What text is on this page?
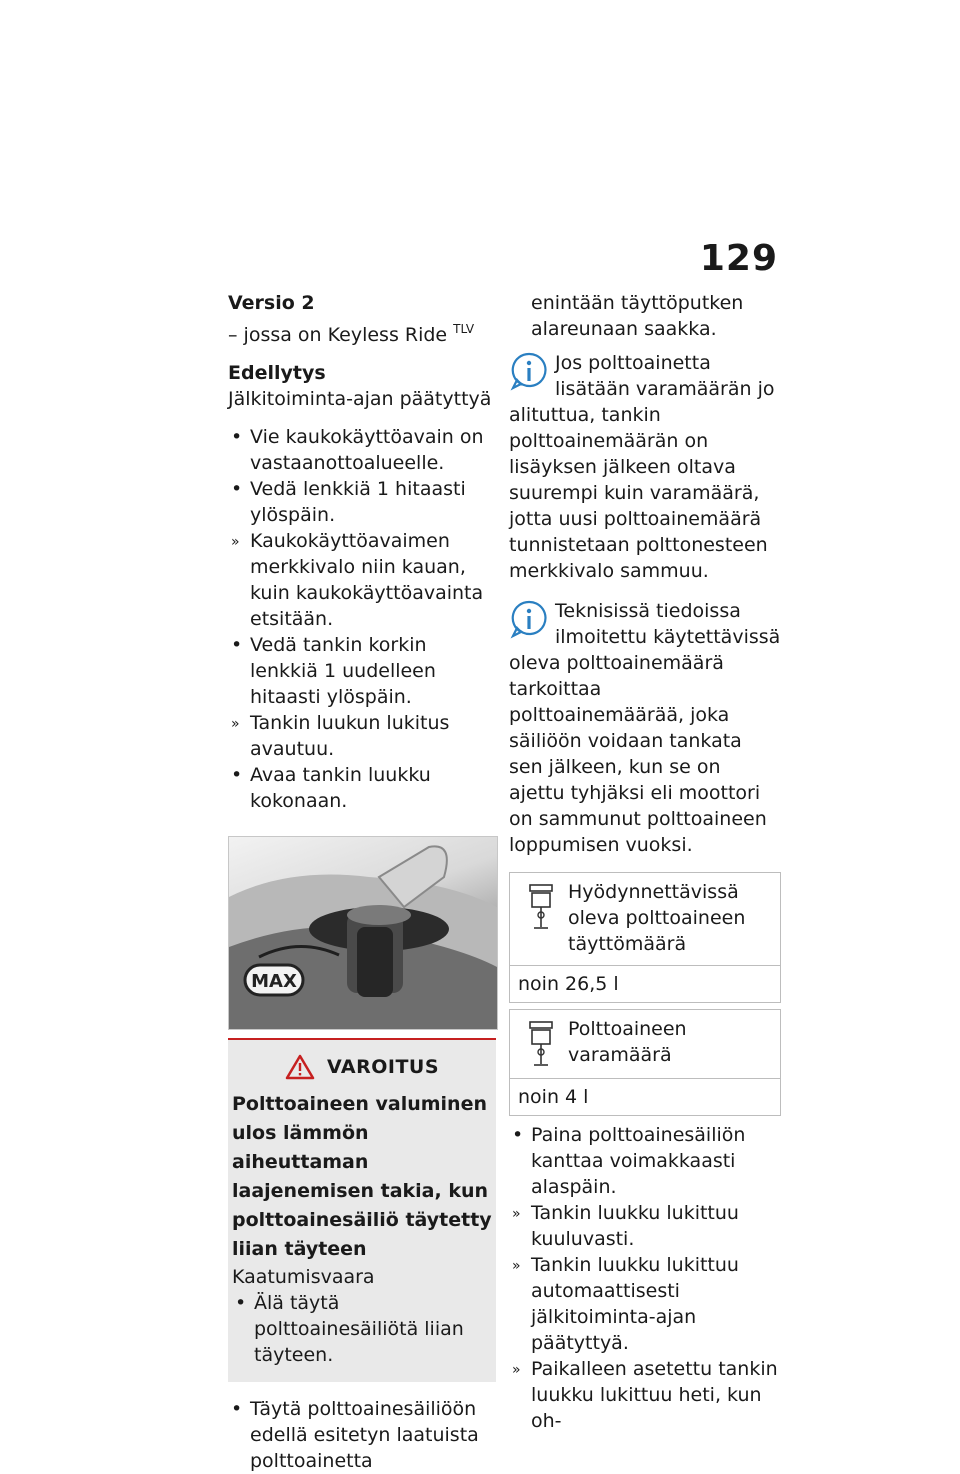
129
Versio 2
– jossa on Keyless Ride $^{TLV}$
Edellytys
Jälkitoiminta-ajan päätyttyä
• Vie kaukokäyttöavain on vastaanottoalueelle.
• Vedä lenkkiä 1 hitaasti ylöspäin.
» Kaukokäyttöavaimen merkkivalo niin kauan, kuin kaukokäyttöavainta etsitään.
• Vedä tankin korkin lenkkiä 1 uudelleen hitaasti ylöspäin.
» Tankin luukun lukitus avautuu.
• Avaa tankin luukku kokonaan.
MAX
VAROITUS
Polttoaineen valuminen ulos lämmön aiheuttaman laajenemisen takia, kun polttoainesäiliö täytetty liian täyteen
Kaatumisvaara
• Älä täytä polttoainesäiliötä liian täyteen.
• Täytä polttoainesäiliöön edellä esitetyn laatuista polttoainetta
enintään täyttöputken alareunaan saakka.
Jos polttoainetta lisätään varamäärän jo alituttua, tankin polttoainemäärän on lisäyksen jälkeen oltava suurempi kuin varamäärä, jotta uusi polttoainemäärä tunnistetaan polttonesteen merkkivalo sammuu.
Teknisissä tiedoissa ilmoitettu käytettävissä oleva polttoainemäärä tarkoittaa polttoainemäärää, joka säiliöön voidaan tankata sen jälkeen, kun se on ajettu tyhjäksi eli moottori on sammunut polttoaineen loppumisen vuoksi.
Hyödynnettävissä oleva polttoaineen täyttömäärä
noin 26,5 l
Polttoaineen varamäärä
noin 4 l
• Paina polttoainesäiliön kanttaa voimakkaasti alaspäin.
» Tankin luukku lukittuu kuuluvasti.
» Tankin luukku lukittuu automaattisesti jälkitoiminta-ajan päätyttyä.
» Paikalleen asetettu tankin luukku lukittuu heti, kun oh-
